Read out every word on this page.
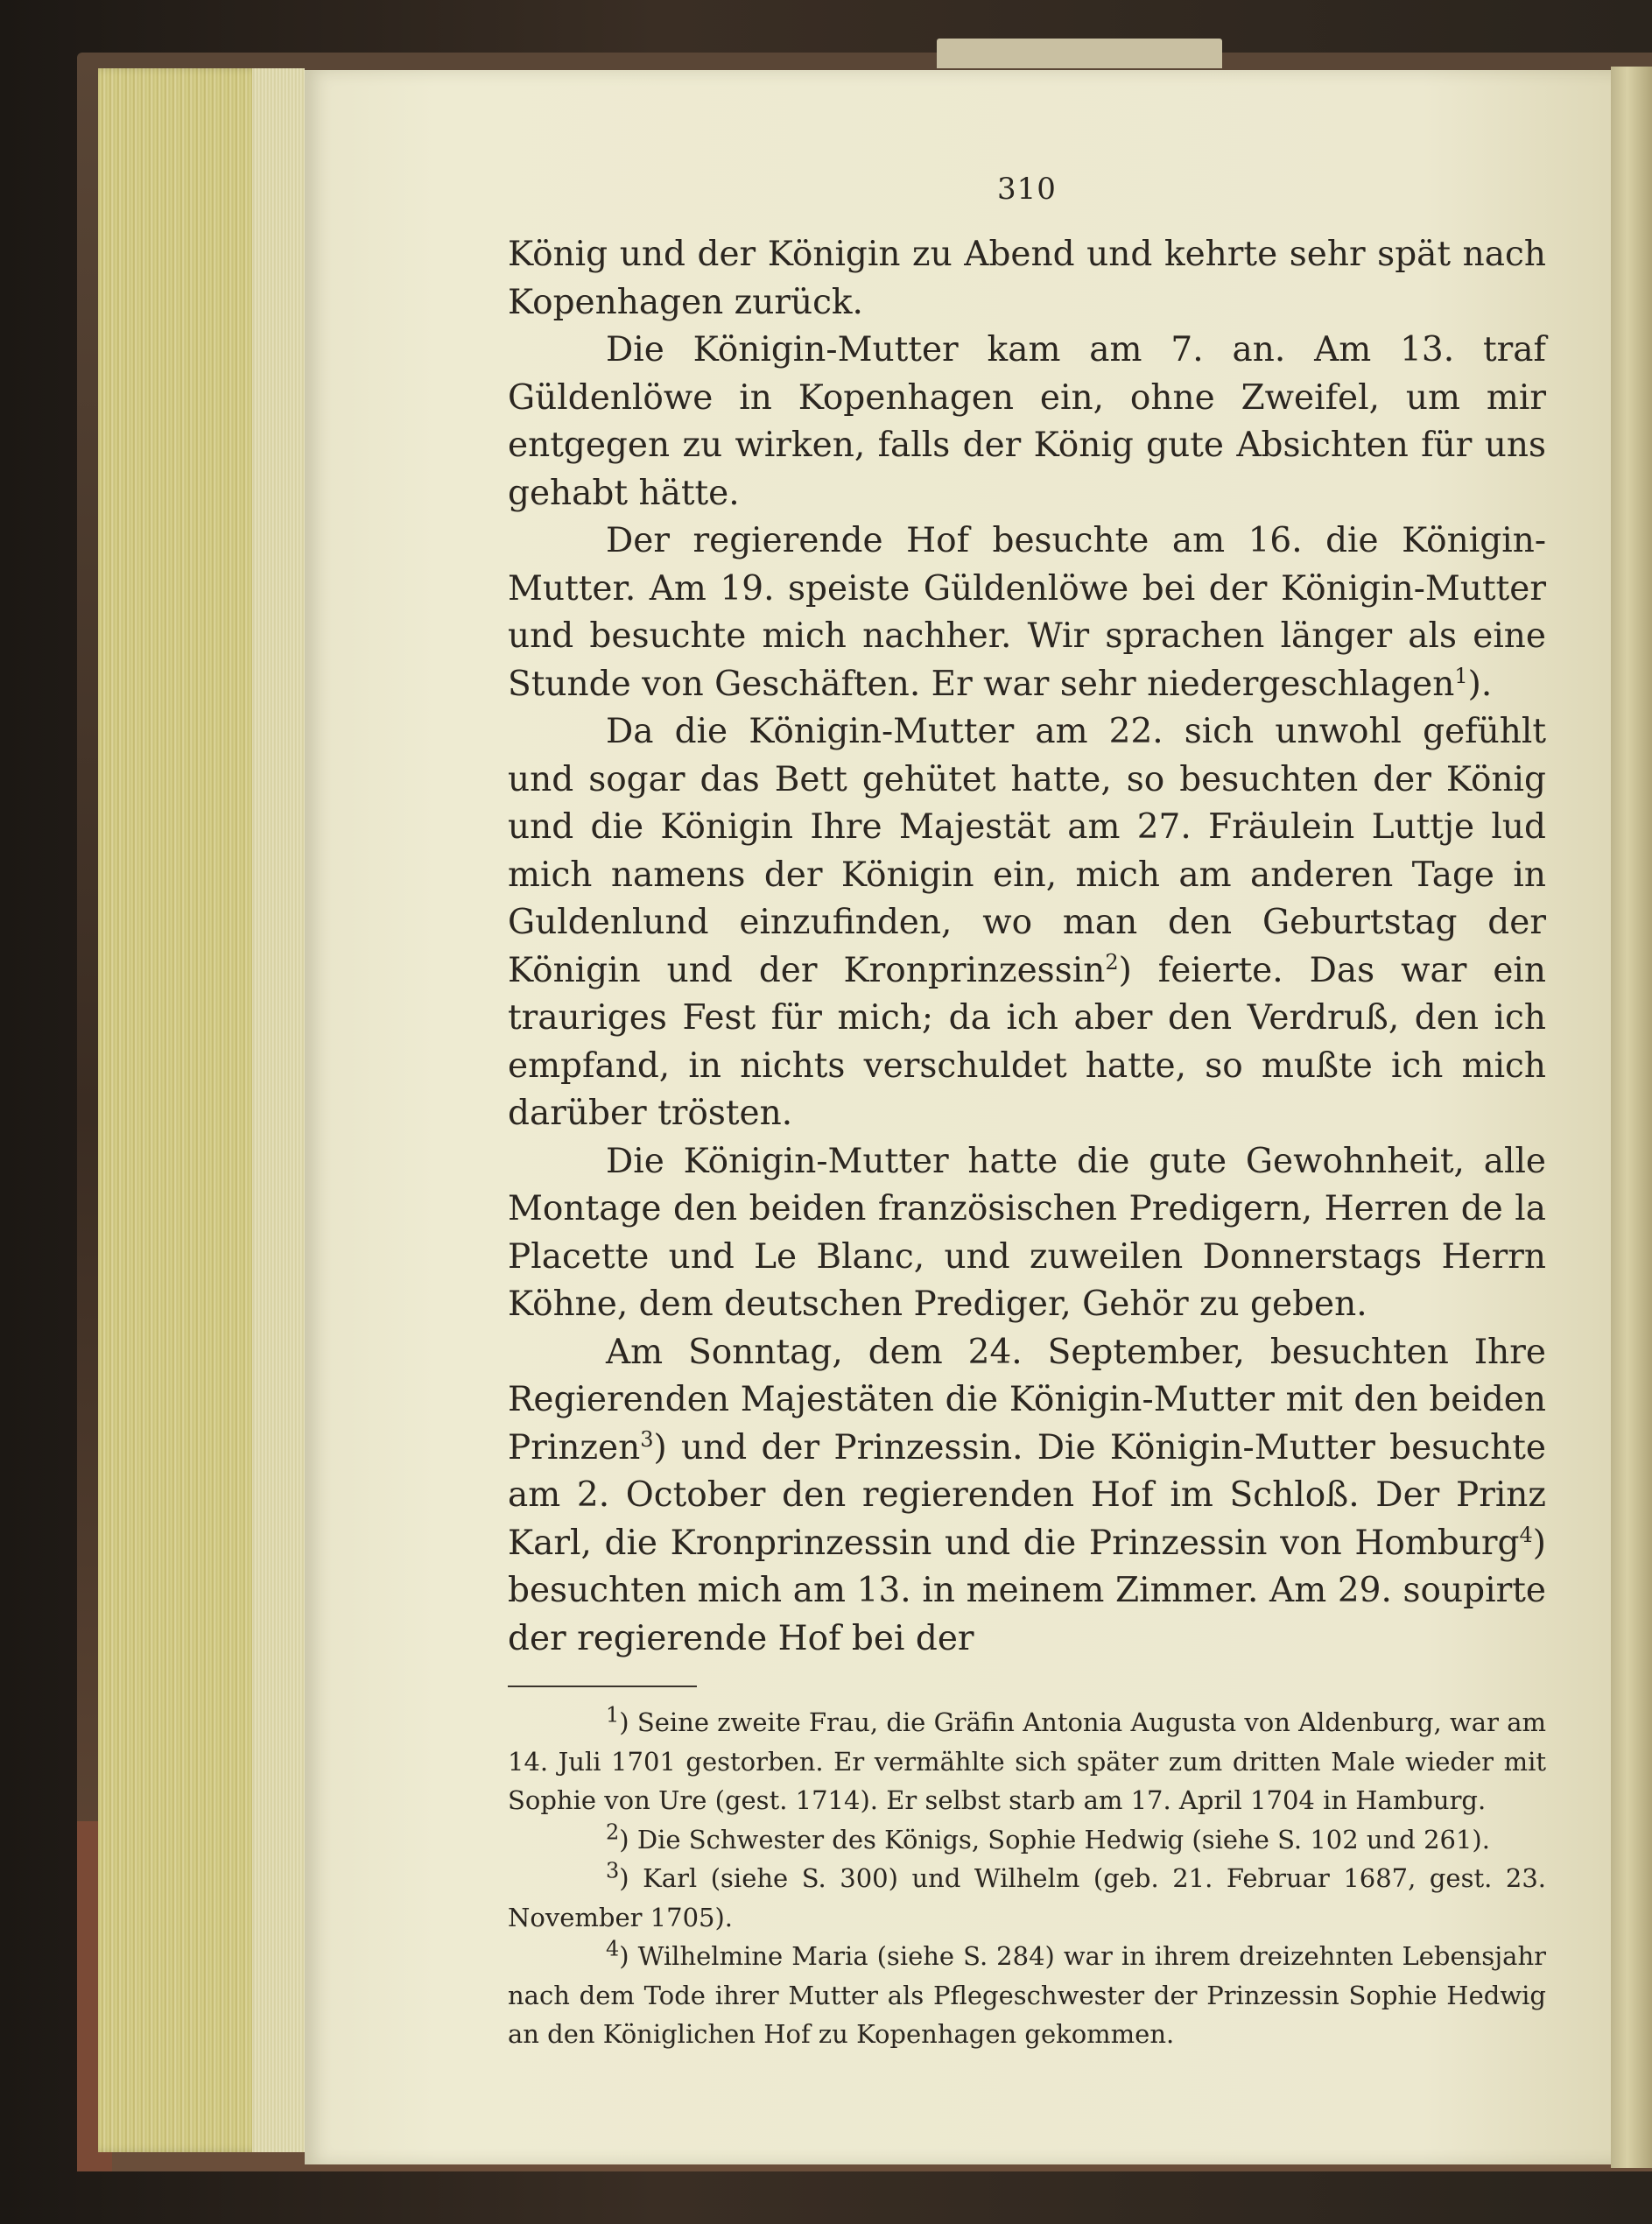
310

König und der Königin zu Abend und kehrte sehr spät nach Kopenhagen zurück.

Die Königin-Mutter kam am 7. an. Am 13. traf Güldenlöwe in Kopenhagen ein, ohne Zweifel, um mir entgegen zu wirken, falls der König gute Absichten für uns gehabt hätte.

Der regierende Hof besuchte am 16. die Königin-Mutter. Am 19. speiste Güldenlöwe bei der Königin-Mutter und besuchte mich nachher. Wir sprachen länger als eine Stunde von Geschäften. Er war sehr niedergeschlagen$^1$).

Da die Königin-Mutter am 22. sich unwohl gefühlt und sogar das Bett gehütet hatte, so besuchten der König und die Königin Ihre Majestät am 27. Fräulein Luttje lud mich namens der Königin ein, mich am anderen Tage in Guldenlund einzufinden, wo man den Geburtstag der Königin und der Kronprinzessin$^2$) feierte. Das war ein trauriges Fest für mich; da ich aber den Verdruß, den ich empfand, in nichts verschuldet hatte, so mußte ich mich darüber trösten.

Die Königin-Mutter hatte die gute Gewohnheit, alle Montage den beiden französischen Predigern, Herren de la Placette und Le Blanc, und zuweilen Donnerstags Herrn Köhne, dem deutschen Prediger, Gehör zu geben.

Am Sonntag, dem 24. September, besuchten Ihre Regierenden Majestäten die Königin-Mutter mit den beiden Prinzen$^3$) und der Prinzessin. Die Königin-Mutter besuchte am 2. October den regierenden Hof im Schloß. Der Prinz Karl, die Kronprinzessin und die Prinzessin von Homburg$^4$) besuchten mich am 13. in meinem Zimmer. Am 29. soupirte der regierende Hof bei der

$^1$) Seine zweite Frau, die Gräfin Antonia Augusta von Aldenburg, war am 14. Juli 1701 gestorben. Er vermählte sich später zum dritten Male wieder mit Sophie von Ure (gest. 1714). Er selbst starb am 17. April 1704 in Hamburg.

$^2$) Die Schwester des Königs, Sophie Hedwig (siehe S. 102 und 261).

$^3$) Karl (siehe S. 300) und Wilhelm (geb. 21. Februar 1687, gest. 23. November 1705).

$^4$) Wilhelmine Maria (siehe S. 284) war in ihrem dreizehnten Lebensjahr nach dem Tode ihrer Mutter als Pflegeschwester der Prinzessin Sophie Hedwig an den Königlichen Hof zu Kopenhagen gekommen.
